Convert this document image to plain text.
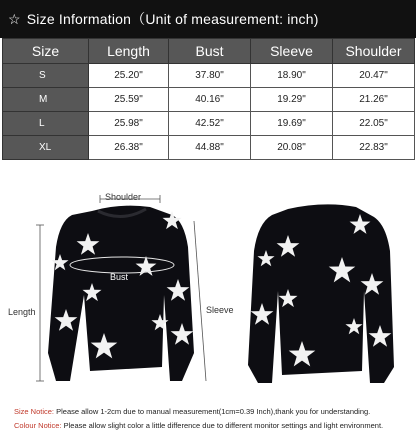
☆ Size Information（Unit of measurement: inch)
Size	Length	Bust	Sleeve	Shoulder
S	25.20"	37.80"	18.90"	20.47"
M	25.59"	40.16"	19.29"	21.26"
L	25.98"	42.52"	19.69"	22.05"
XL	26.38"	44.88"	20.08"	22.83"
Shoulder
Bust
Length	Sleeve
Size Notice: Please allow 1-2cm due to manual measurement(1cm=0.39 Inch),thank you for understanding.
Colour Notice: Please allow slight color a little difference due to different monitor settings and light environment.
